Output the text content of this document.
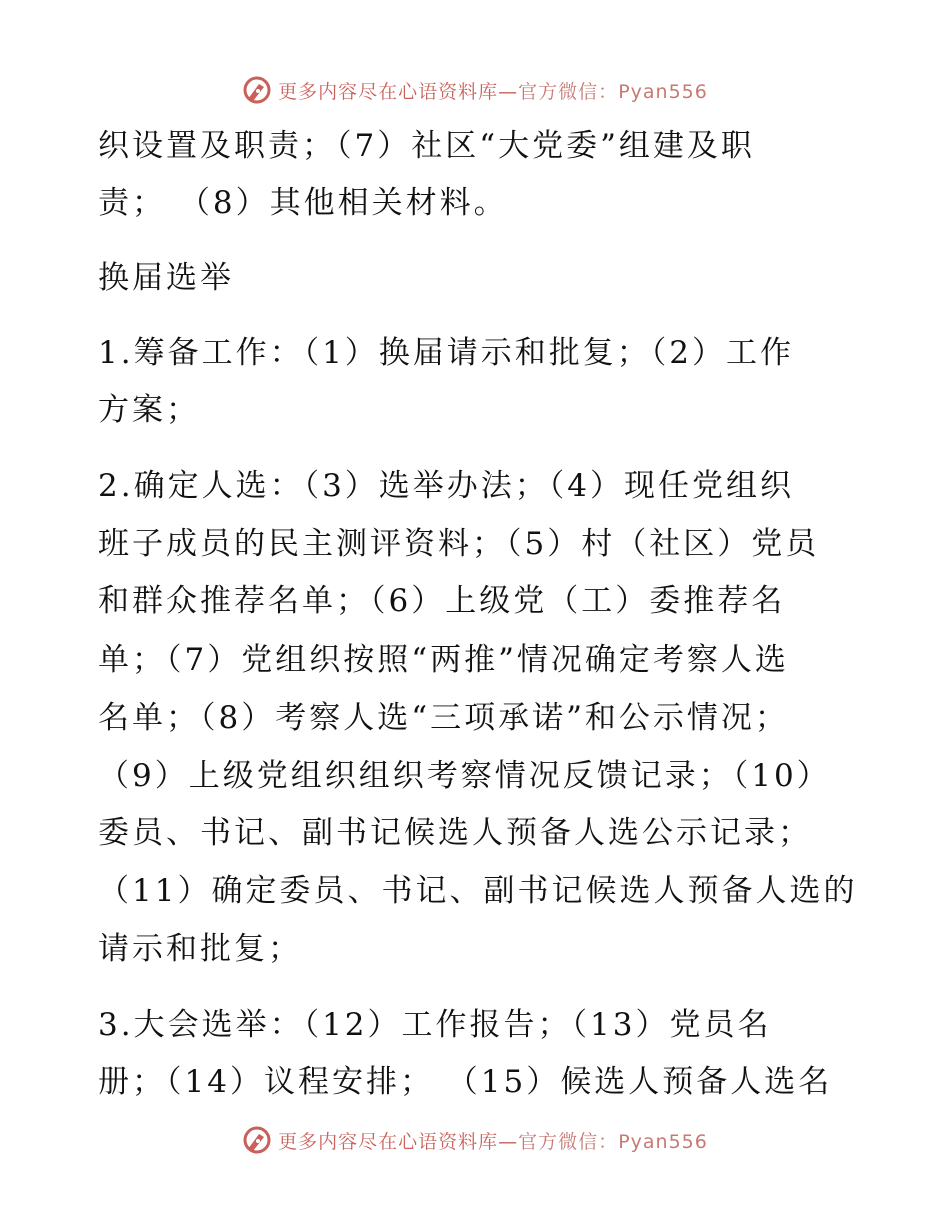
更多内容尽在心语资料库—官方微信：Pyan556
织设置及职责；（7）社区“大党委”组建及职
责； （8）其他相关材料。
换届选举
1.筹备工作：（1）换届请示和批复；（2）工作
方案；
2.确定人选：（3）选举办法；（4）现任党组织
班子成员的民主测评资料；（5）村（社区）党员
和群众推荐名单；（6）上级党（工）委推荐名
单；（7）党组织按照“两推”情况确定考察人选
名单；（8）考察人选“三项承诺”和公示情况；
（9）上级党组织组织考察情况反馈记录；（10）
委员、书记、副书记候选人预备人选公示记录；
（11）确定委员、书记、副书记候选人预备人选的
请示和批复；
3.大会选举：（12）工作报告；（13）党员名
册；（14）议程安排； （15）候选人预备人选名
更多内容尽在心语资料库—官方微信：Pyan556
